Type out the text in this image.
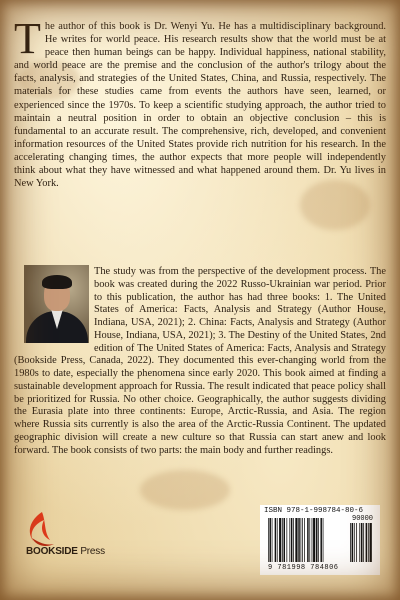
The author of this book is Dr. Wenyi Yu. He has a multidisciplinary background. He writes for world peace. His research results show that the world must be at peace then human beings can be happy. Individual happiness, national stability, and world peace are the premise and the conclusion of the author's trilogy about the facts, analysis, and strategies of the United States, China, and Russia, respectively. The materials for these studies came from events the authors have seen, learned, or experienced since the 1970s. To keep a scientific studying approach, the author tried to maintain a neutral position in order to obtain an objective conclusion – this is fundamental to an accurate result. The comprehensive, rich, developed, and convenient information resources of the United States provide rich nutrition for his research. In the accelerating changing times, the author expects that more people will independently think about what they have witnessed and what happened around them. Dr. Yu lives in New York.
The study was from the perspective of the development process. The book was created during the 2022 Russo-Ukrainian war period. Prior to this publication, the author has had three books: 1. The United States of America: Facts, Analysis and Strategy (Author House, Indiana, USA, 2021); 2. China: Facts, Analysis and Strategy (Author House, Indiana, USA, 2021); 3. The Destiny of the United States, 2nd edition of The United States of America: Facts, Analysis and Strategy (Bookside Press, Canada, 2022). They documented this ever-changing world from the 1980s to date, especially the phenomena since early 2020. This book aimed at finding a sustainable development approach for Russia. The result indicated that peace policy shall be prioritized for Russia. No other choice. Geographically, the author suggests dividing the Eurasia plate into three continents: Europe, Arctic-Russia, and Asia. The region where Russia sits currently is also the area of the Arctic-Russia Continent. The updated geographic division will create a new culture so that Russia can start anew and look forward. The book consists of two parts: the main body and further readings.
BOOKSIDE Press
ISBN 978-1-998784-80-6
90000
9 781998 784806
